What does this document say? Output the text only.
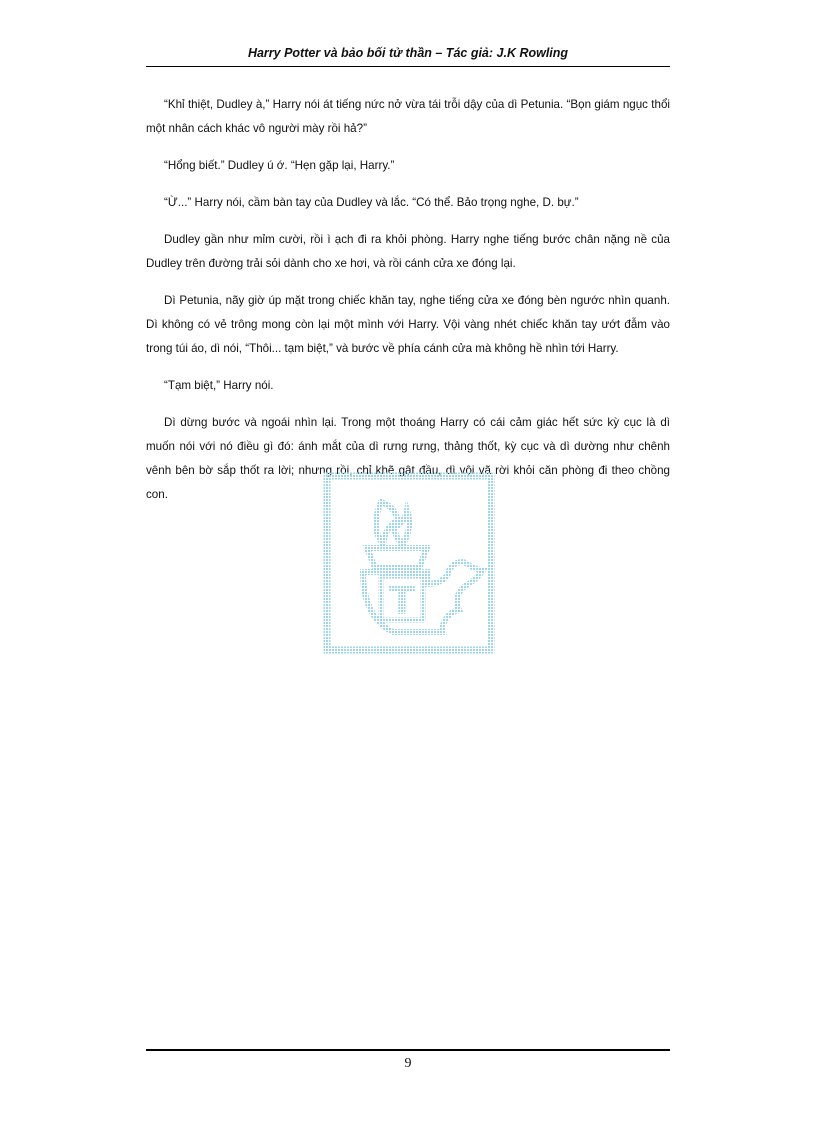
Harry Potter và bảo bối tử thần – Tác giả: J.K Rowling

“Khỉ thiệt, Dudley à,” Harry nói át tiếng nức nở vừa tái trỗi dậy của dì Petunia. “Bọn giám ngục thổi một nhân cách khác vô người mày rồi hả?”

“Hổng biết.” Dudley ú ớ. “Hẹn gặp lại, Harry.”

“Ừ...” Harry nói, cầm bàn tay của Dudley và lắc. “Có thể. Bảo trọng nghe, D. bự.”

Dudley gần như mỉm cười, rồi ì ạch đi ra khỏi phòng. Harry nghe tiếng bước chân nặng nề của Dudley trên đường trải sỏi dành cho xe hơi, và rồi cánh cửa xe đóng lại.

Dì Petunia, nãy giờ úp mặt trong chiếc khăn tay, nghe tiếng cửa xe đóng bèn ngước nhìn quanh. Dì không có vẻ trông mong còn lại một mình với Harry. Vội vàng nhét chiếc khăn tay ướt đẫm vào trong túi áo, dì nói, “Thôi... tạm biệt,” và bước về phía cánh cửa mà không hề nhìn tới Harry.

“Tạm biệt,” Harry nói.

Dì dừng bước và ngoái nhìn lại. Trong một thoáng Harry có cái cảm giác hết sức kỳ cục là dì muốn nói với nó điều gì đó: ánh mắt của dì rưng rưng, thảng thốt, kỳ cục và dì dường như chênh vênh bên bờ sắp thốt ra lời; nhưng rồi, chỉ khẽ gật đầu, dì vội vã rời khỏi căn phòng đi theo chồng con.

T
9
